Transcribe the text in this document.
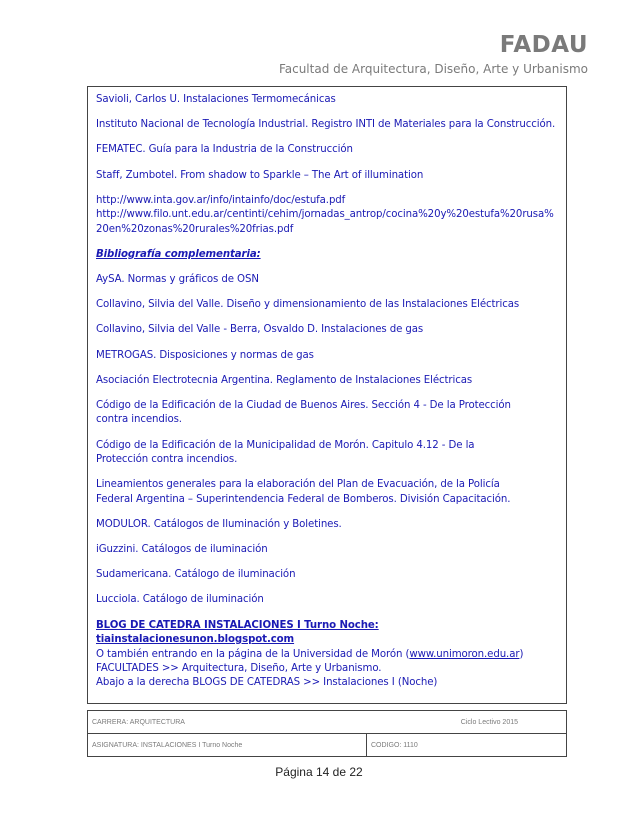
FADAU
Facultad de Arquitectura, Diseño, Arte y Urbanismo

Savioli, Carlos U. Instalaciones Termomecánicas

Instituto Nacional de Tecnología Industrial. Registro INTI de Materiales para la Construcción.

FEMATEC. Guía para la Industria de la Construcción

Staff, Zumbotel. From shadow to Sparkle – The Art of illumination

http://www.inta.gov.ar/info/intainfo/doc/estufa.pdf

http://www.filo.unt.edu.ar/centinti/cehim/jornadas_antrop/cocina%20y%20estufa%20rusa%20en%20zonas%20rurales%20frias.pdf

Bibliografía complementaria:

AySA. Normas y gráficos de OSN

Collavino, Silvia del Valle. Diseño y dimensionamiento de las Instalaciones Eléctricas

Collavino, Silvia del Valle - Berra, Osvaldo D. Instalaciones de gas

METROGAS. Disposiciones y normas de gas

Asociación Electrotecnia Argentina. Reglamento de Instalaciones Eléctricas

Código de la Edificación de la Ciudad de Buenos Aires. Sección 4 - De la Protección
contra incendios.

Código de la Edificación de la Municipalidad de Morón. Capitulo 4.12 - De la
Protección contra incendios.

Lineamientos generales para la elaboración del Plan de Evacuación, de la Policía
Federal Argentina – Superintendencia Federal de Bomberos. División Capacitación.

MODULOR. Catálogos de Iluminación y Boletines.

iGuzzini. Catálogos de iluminación

Sudamericana. Catálogo de iluminación

Lucciola. Catálogo de iluminación

BLOG DE CATEDRA INSTALACIONES I Turno Noche: tiainstalacionesunon.blogspot.com

O también entrando en la página de la Universidad de Morón (www.unimoron.edu.ar)

FACULTADES >> Arquitectura, Diseño, Arte y Urbanismo.

Abajo a la derecha BLOGS DE CATEDRAS >> Instalaciones I (Noche)

CARRERA: ARQUITECTURA	Ciclo Lectivo 2015

ASIGNATURA: INSTALACIONES I Turno Noche	CODIGO: 1110
Página 14 de 22
